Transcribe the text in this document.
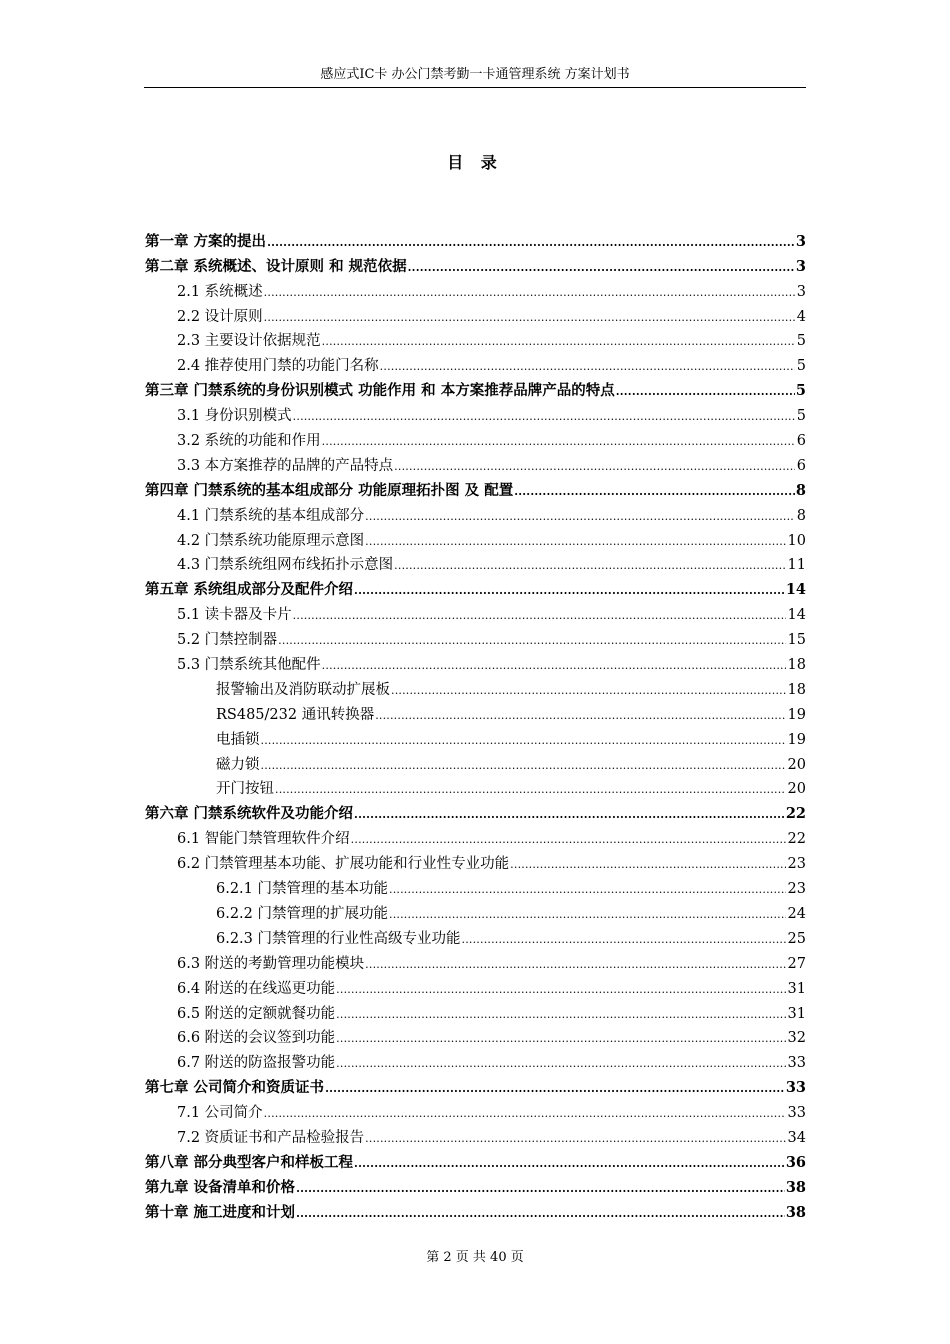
感应式IC卡 办公门禁考勤一卡通管理系统 方案计划书
目 录
第一章 方案的提出 .....	3
第二章 系统概述、设计原则 和 规范依据 .....	3
2.1 系统概述 .....	3
2.2 设计原则 .....	4
2.3 主要设计依据规范 .....	5
2.4 推荐使用门禁的功能门名称 .....	5
第三章 门禁系统的身份识别模式 功能作用 和 本方案推荐品牌产品的特点 .....	5
3.1 身份识别模式 .....	5
3.2 系统的功能和作用 .....	6
3.3 本方案推荐的品牌的产品特点 .....	6
第四章 门禁系统的基本组成部分 功能原理拓扑图 及 配置 .....	8
4.1 门禁系统的基本组成部分 .....	8
4.2 门禁系统功能原理示意图 .....	10
4.3 门禁系统组网布线拓扑示意图 .....	11
第五章 系统组成部分及配件介绍 .....	14
5.1 读卡器及卡片 .....	14
5.2 门禁控制器 .....	15
5.3 门禁系统其他配件 .....	18
报警输出及消防联动扩展板 .....	18
RS485/232 通讯转换器 .....	19
电插锁 .....	19
磁力锁 .....	20
开门按钮 .....	20
第六章 门禁系统软件及功能介绍 .....	22
6.1 智能门禁管理软件介绍 .....	22
6.2 门禁管理基本功能、扩展功能和行业性专业功能 .....	23
6.2.1 门禁管理的基本功能 .....	23
6.2.2 门禁管理的扩展功能 .....	24
6.2.3 门禁管理的行业性高级专业功能 .....	25
6.3 附送的考勤管理功能模块 .....	27
6.4 附送的在线巡更功能 .....	31
6.5 附送的定额就餐功能 .....	31
6.6 附送的会议签到功能 .....	32
6.7 附送的防盗报警功能 .....	33
第七章 公司简介和资质证书 .....	33
7.1 公司简介 .....	33
7.2 资质证书和产品检验报告 .....	34
第八章 部分典型客户和样板工程 .....	36
第九章 设备清单和价格 .....	38
第十章 施工进度和计划 .....	38
第 2 页 共 40 页
